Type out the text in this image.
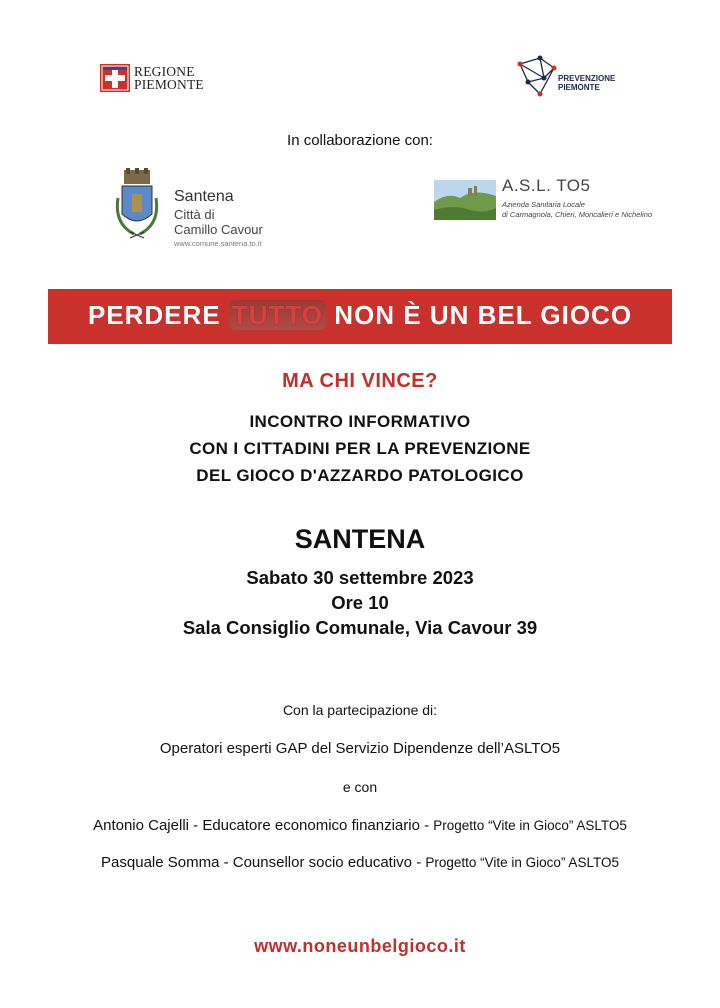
REGIONE
PIEMONTE	PREVENZIONE
PIEMONTE
In collaborazione con:
Santena
Città di
Camillo Cavour
www.comune.santena.to.it
A.S.L. TO5
Azienda Sanitaria Locale
di Carmagnola, Chieri, Moncalieri e Nichelino
PERDERE TUTTO NON È UN BEL GIOCO
MA CHI VINCE?
INCONTRO INFORMATIVO
CON I CITTADINI PER LA PREVENZIONE
DEL GIOCO D'AZZARDO PATOLOGICO
SANTENA
Sabato 30 settembre 2023
Ore 10
Sala Consiglio Comunale, Via Cavour 39
Con la partecipazione di:
Operatori esperti GAP del Servizio Dipendenze dell’ASLTO5
e con
Antonio Cajelli - Educatore economico finanziario - Progetto “Vite in Gioco” ASLTO5
Pasquale Somma - Counsellor socio educativo - Progetto “Vite in Gioco” ASLTO5
www.noneunbelgioco.it
